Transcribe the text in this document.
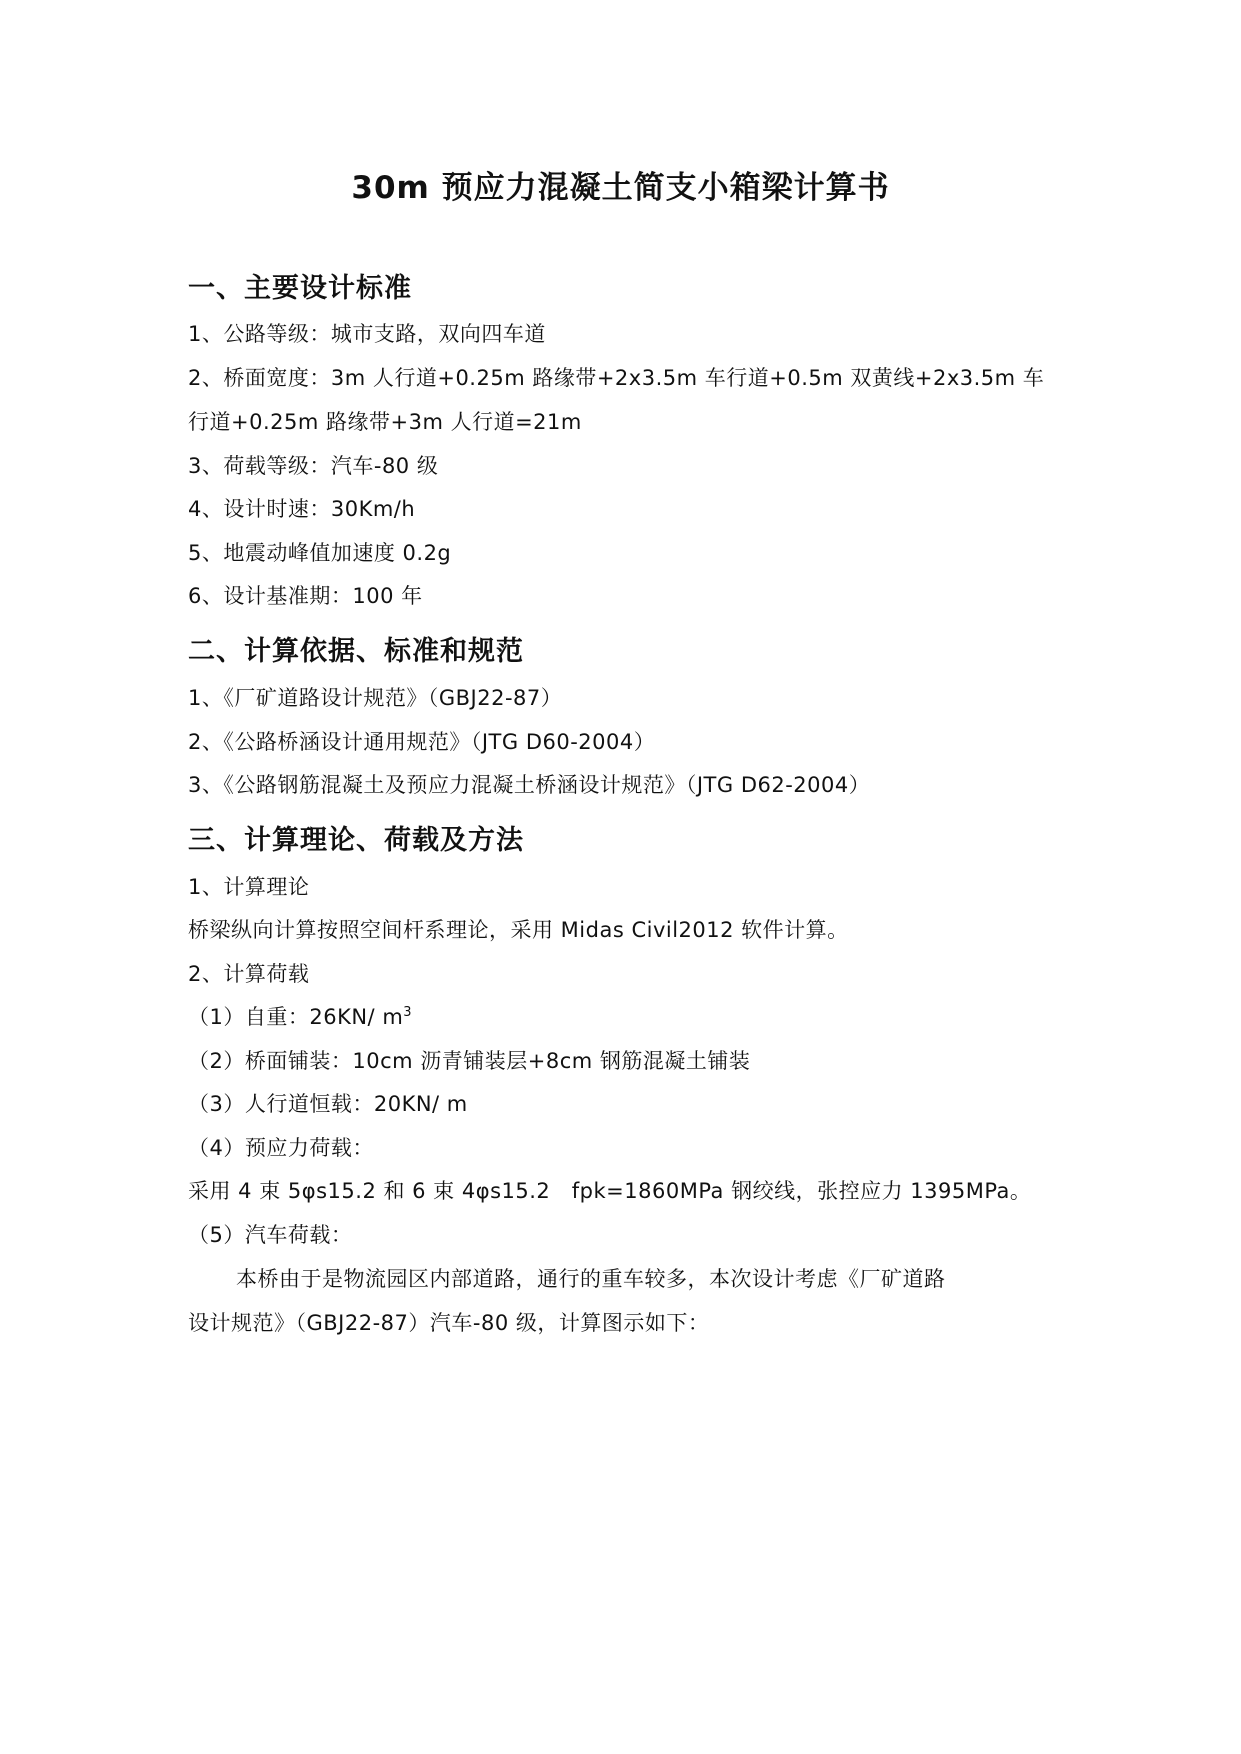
30m 预应力混凝土简支小箱梁计算书
一、主要设计标准
1、公路等级：城市支路，双向四车道
2、桥面宽度：3m 人行道+0.25m 路缘带+2x3.5m 车行道+0.5m 双黄线+2x3.5m 车
行道+0.25m 路缘带+3m 人行道=21m
3、荷载等级：汽车-80 级
4、设计时速：30Km/h
5、地震动峰值加速度 0.2g
6、设计基准期：100 年
二、计算依据、标准和规范
1、《厂矿道路设计规范》（GBJ22-87）
2、《公路桥涵设计通用规范》（JTG D60-2004）
3、《公路钢筋混凝土及预应力混凝土桥涵设计规范》（JTG D62-2004）
三、计算理论、荷载及方法
1、计算理论
桥梁纵向计算按照空间杆系理论，采用 Midas Civil2012 软件计算。
2、计算荷载
（1）自重：26KN/ $m^3$
（2）桥面铺装：10cm 沥青铺装层+8cm 钢筋混凝土铺装
（3）人行道恒载：20KN/ m
（4）预应力荷载：
采用 4 束 5φs15.2 和 6 束 4φs15.2　fpk=1860MPa 钢绞线，张控应力 1395MPa。
（5）汽车荷载：
本桥由于是物流园区内部道路，通行的重车较多，本次设计考虑《厂矿道路
设计规范》（GBJ22-87）汽车-80 级，计算图示如下：
